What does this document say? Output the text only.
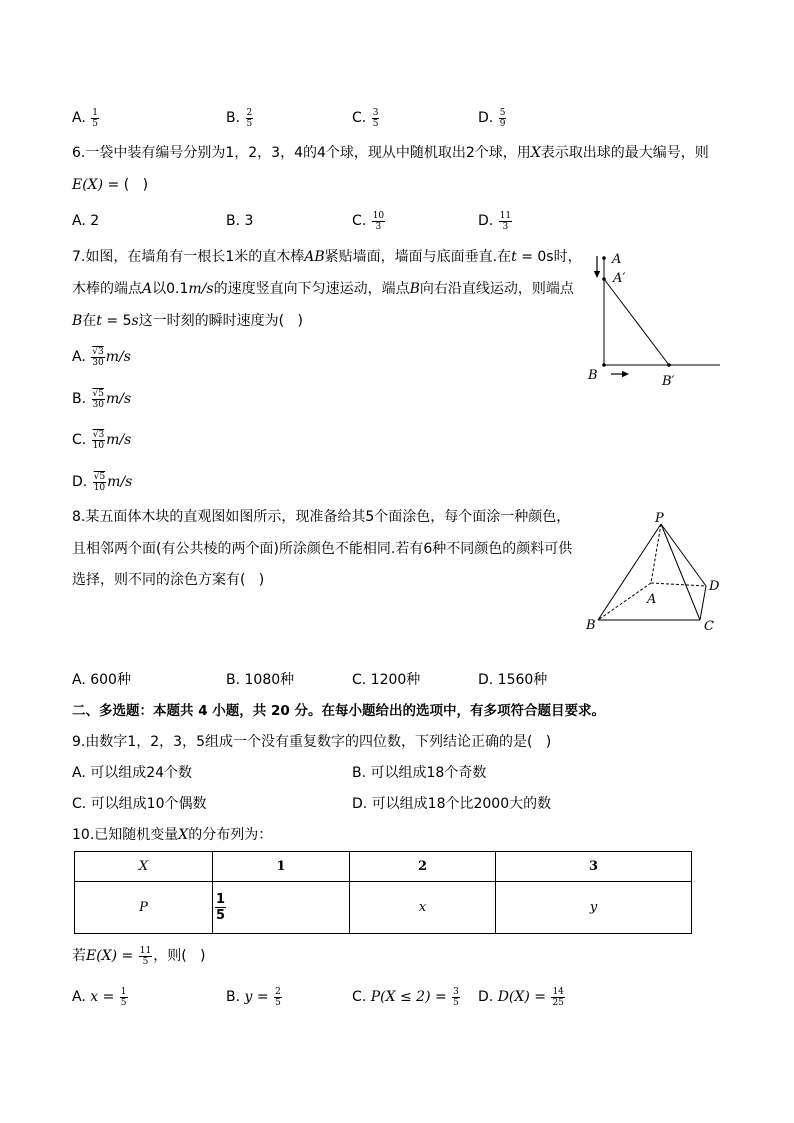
A. $\frac{1}{5}$	B. $\frac{2}{5}$	C. $\frac{3}{5}$	D. $\frac{5}{9}$
6.一袋中装有编号分别为1，2，3，4的4个球，现从中随机取出2个球，用X表示取出球的最大编号，则
E(X) = (   )
A. 2	B. 3	C. $\frac{10}{3}$	D. $\frac{11}{3}$
7.如图，在墙角有一根长1米的直木棒AB紧贴墙面，墙面与底面垂直.在t = 0s时，
木棒的端点A以0.1m/s的速度竖直向下匀速运动，端点B向右沿直线运动，则端点
B在t = 5s这一时刻的瞬时速度为(   )
A. √ $\frac{3}{30} m/s$
B. √ $\frac{5}{30} m/s$
C. √ $\frac{3}{10} m/s$
D. √ $\frac{5}{10} m/s$
A
A′
B	B′
8.某五面体木块的直观图如图所示，现准备给其5个面涂色，每个面涂一种颜色，
且相邻两个面(有公共棱的两个面)所涂颜色不能相同.若有6种不同颜色的颜料可供
选择，则不同的涂色方案有(   )
P
A
B	C
D
A. 600种	B. 1080种	C. 1200种	D. 1560种
二、多选题：本题共 4 小题，共 20 分。在每小题给出的选项中，有多项符合题目要求。
9.由数字1，2，3，5组成一个没有重复数字的四位数，下列结论正确的是(   )
A. 可以组成24个数	B. 可以组成18个奇数
C. 可以组成10个偶数	D. 可以组成18个比2000大的数
10.已知随机变量X的分布列为：
X	1	2	3
P	$\frac{1}{5}$	x	y
若$E(X) = \frac{11}{5}$ ，则(   )
A. $x = \frac{1}{5}$	B. $y = \frac{2}{5}$	C. $P(X \le 2) = \frac{3}{5} D$. $D(X) = \frac{14}{25}$
